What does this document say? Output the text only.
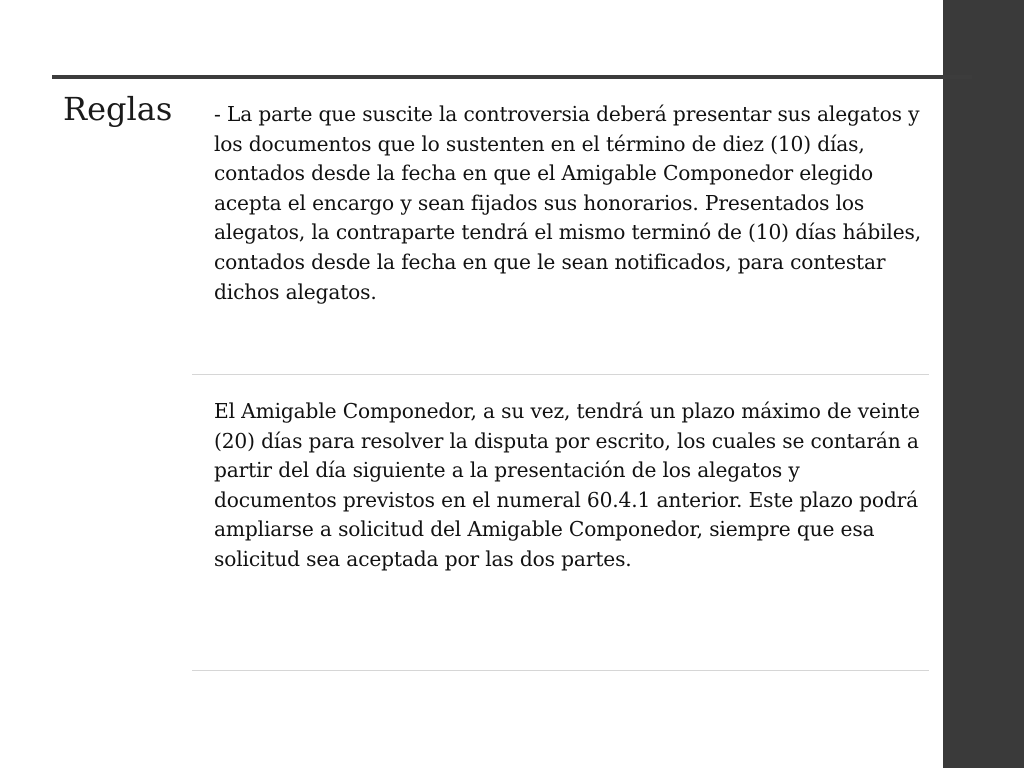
Reglas - La parte que suscite la controversia deberá presentar sus alegatos y los documentos que lo sustenten en el término de diez (10) días, contados desde la fecha en que el Amigable Componedor elegido acepta el encargo y sean fijados sus honorarios. Presentados los alegatos, la contraparte tendrá el mismo terminó de (10) días hábiles, contados desde la fecha en que le sean notificados, para contestar dichos alegatos.

El Amigable Componedor, a su vez, tendrá un plazo máximo de veinte (20) días para resolver la disputa por escrito, los cuales se contarán a partir del día siguiente a la presentación de los alegatos y documentos previstos en el numeral 60.4.1 anterior. Este plazo podrá ampliarse a solicitud del Amigable Componedor, siempre que esa solicitud sea aceptada por las dos partes.
